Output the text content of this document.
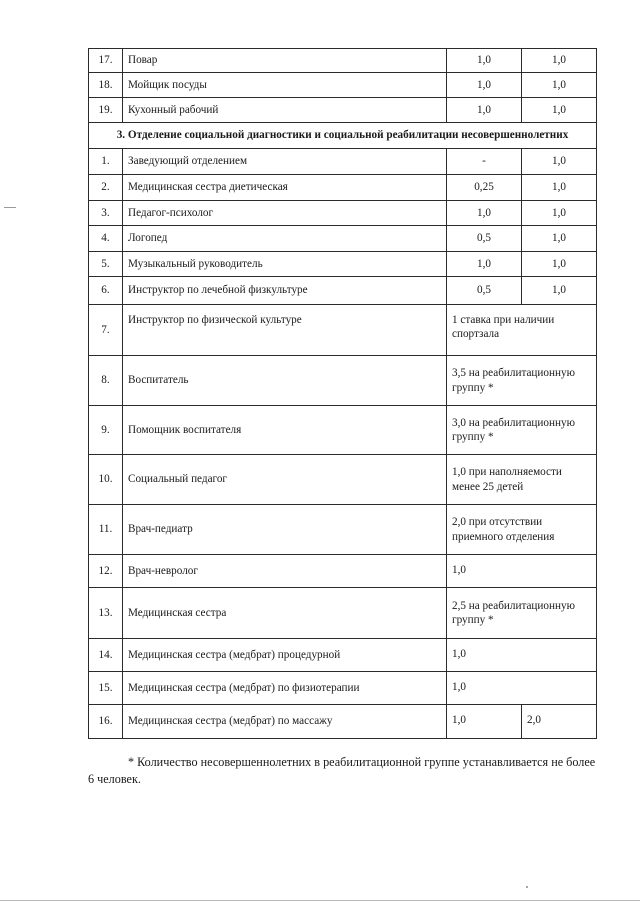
17.	Повар	1,0	1,0
18.	Мойщик посуды	1,0	1,0
19.	Кухонный рабочий	1,0	1,0
3. Отделение социальной диагностики и социальной реабилитации несовершеннолетних			
1.	Заведующий отделением	-	1,0
2.	Медицинская сестра диетическая	0,25	1,0
3.	Педагог-психолог	1,0	1,0
4.	Логопед	0,5	1,0
5.	Музыкальный руководитель	1,0	1,0
6.	Инструктор по лечебной физкультуре	0,5	1,0
7.	Инструктор по физической культуре	1 ставка при наличии спортзала	
8.	Воспитатель	3,5 на реабилитационную группу *	
9.	Помощник воспитателя	3,0 на реабилитационную группу *	
10.	Социальный педагог	1,0 при наполняемости менее 25 детей	
11.	Врач-педиатр	2,0 при отсутствии приемного отделения	
12.	Врач-невролог	1,0	
13.	Медицинская сестра	2,5 на реабилитационную группу *	
14.	Медицинская сестра (медбрат) процедурной	1,0	
15.	Медицинская сестра (медбрат) по физиотерапии	1,0	
16.	Медицинская сестра (медбрат) по массажу	1,0	2,0

* Количество несовершеннолетних в реабилитационной группе устанавливается не более 6 человек.
